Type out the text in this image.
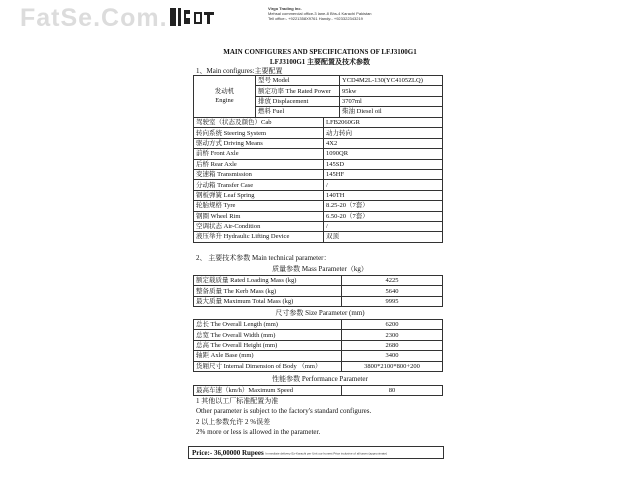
FatSe.Com.	Virgo Trading Inc.
Mehsal commercial office-3 lane-8 Bhs-4 Karachi Pakistan
Tell office:- +9221358X9761 Handy:- +923322343219
MAIN CONFIGURES AND SPECIFICATIONS OF LFJ3100G1
LFJ3100G1 主要配置及技术参数
1、Main configures:主要配置
发动机
Engine	型号 Model	YCD4M2L-130(YC4105ZLQ)
	额定功率 The Rated Power	95kw
	排放 Displacement	3707ml
	燃料 Fuel	柴油 Diesel oil
驾驶室（状态及颜色）Cab	LFB2060GR
转向系统 Steering System	动力转向
驱动方式 Driving Means	4X2
前桥 Front Axle	1090QR
后桥 Rear Axle	145SD
变速箱 Transmission	145HF
分动箱 Transfer Case	/
钢板弹簧 Leaf Spring	140TH
轮胎规格 Tyre	8.25-20（7套）
钢圈 Wheel Rim	6.50-20（7套）
空调状态 Air-Condition	/
液压举升 Hydraulic Lifting Device	双顶
2、 主要技术参数 Main technical parameter：
质量参数 Mass Parameter（kg）
额定载质量 Rated Loading Mass (kg)	4225
整备质量 The Kerb Mass (kg)	5640
最大质量 Maximum Total Mass (kg)	9995
尺寸参数 Size Parameter (mm)
总长 The Overall Length (mm)	6200
总宽 The Overall Width (mm)	2300
总高 The Overall Height (mm)	2680
轴距 Axle Base (mm)	3400
货厢尺寸 Internal Dimension of Body （mm）	3800*2100*800+200
性能参数 Performance Parameter
最高车速（km/h）Maximum Speed	80
1 其他以工厂标准配置为准
Other parameter is subject to the factory's standard configures.
2 以上参数允许 2 %误差
2% more or less is allowed in the parameter.
Price:- 36,00000 Rupees Immediate delivery Ex-Karachi per Unit our honest Price inclusive of all taxes (approximate)
